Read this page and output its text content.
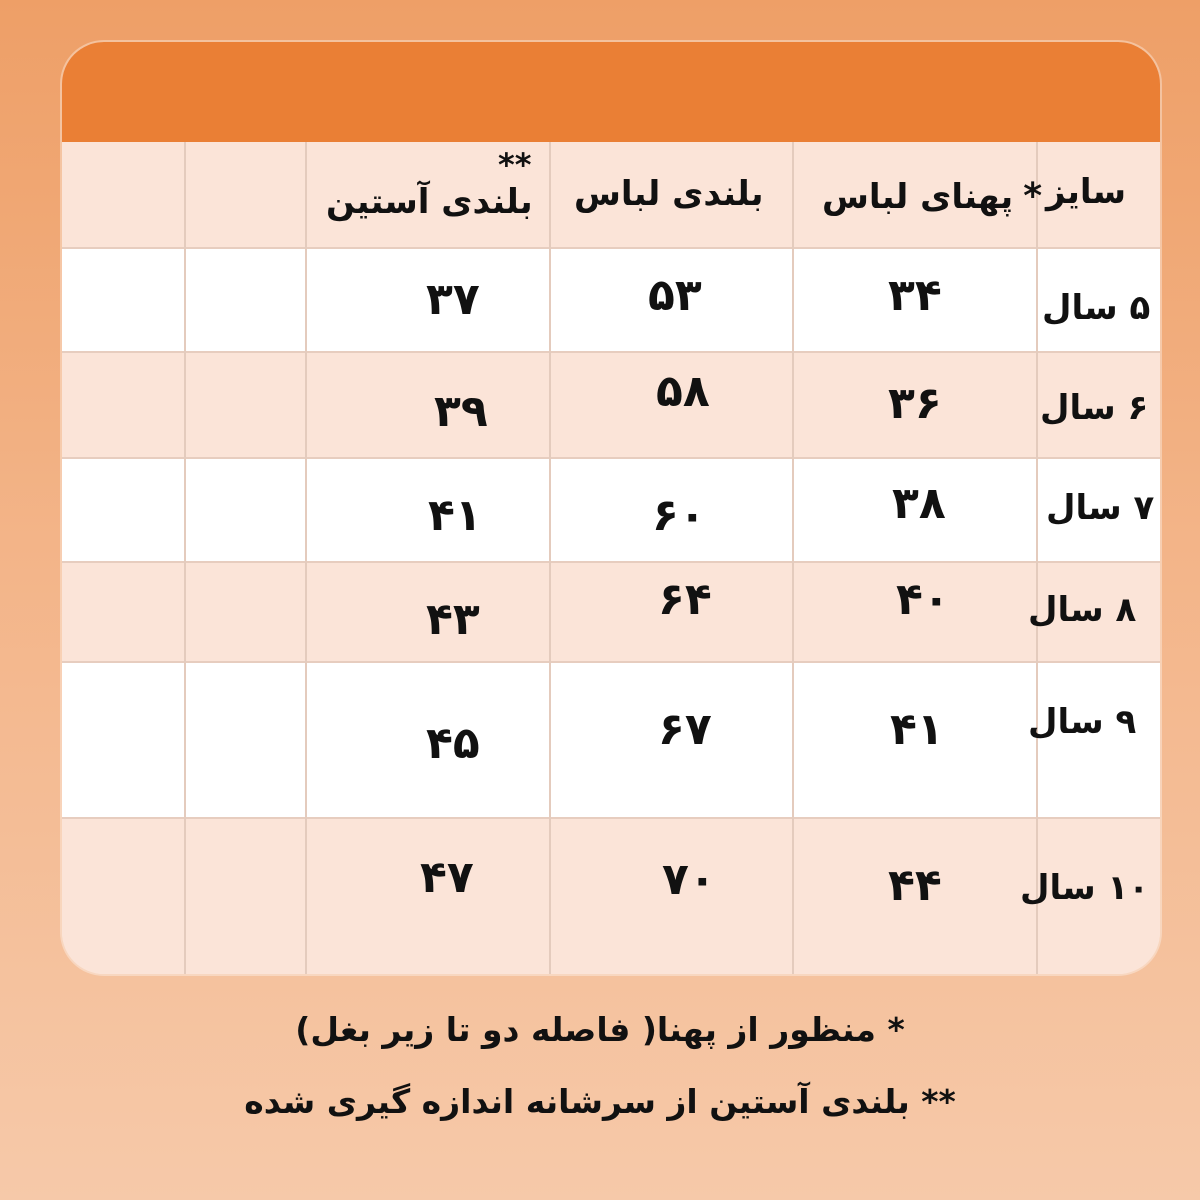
سایز
*پهنای لباس
بلندی لباس
بلندی آستین
**
۵ سال
۳۴
۵۳
۳۷
۶ سال
۳۶
۵۸
۳۹
۷ سال
۳۸
۶۰
۴۱
۸ سال
۴۰
۶۴
۴۳
۹ سال
۴۱
۶۷
۴۵
۱۰ سال
۴۴
۷۰
۴۷
* منظور از پهنا( فاصله دو تا زیر بغل)
** بلندی آستین از سرشانه اندازه گیری شده
